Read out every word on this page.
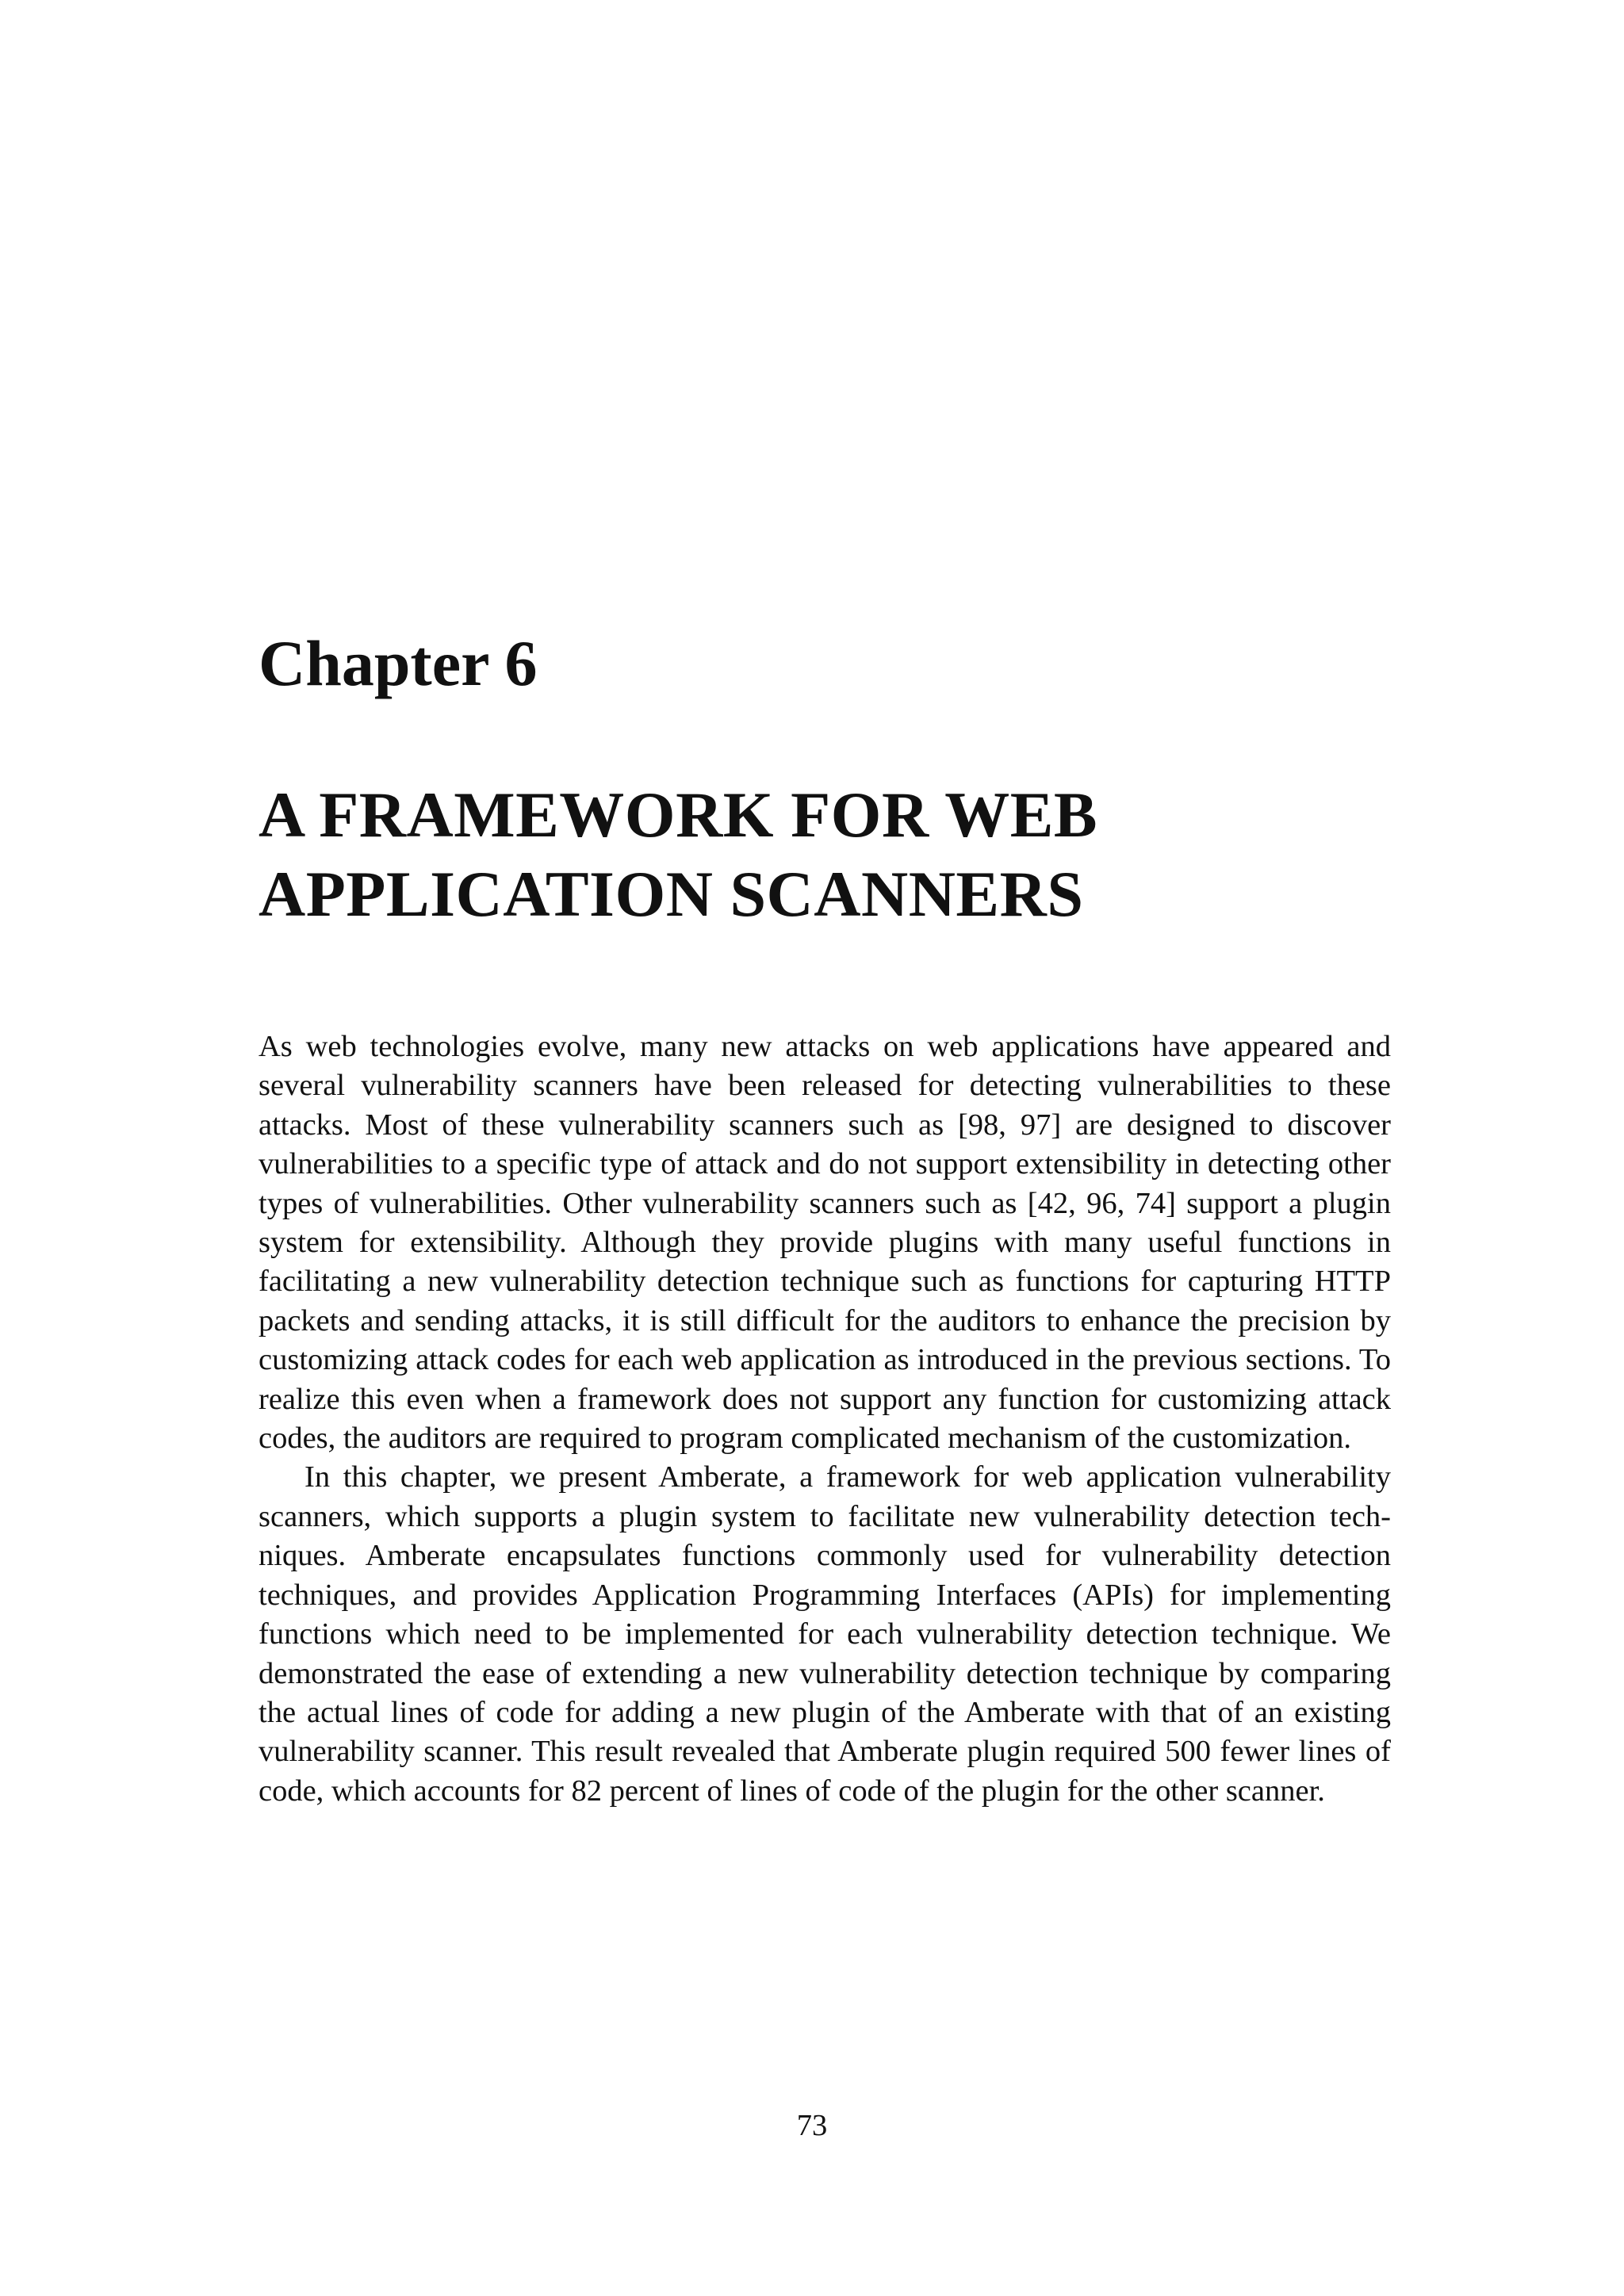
Chapter 6
A FRAMEWORK FOR WEB
APPLICATION SCANNERS

As web technologies evolve, many new attacks on web applications have appeared and several vulnerability scanners have been released for detecting vulnerabilities to these attacks. Most of these vulnerability scanners such as [98, 97] are designed to discover vulnerabilities to a specific type of attack and do not support extensibility in detecting other types of vulnerabilities. Other vulnerability scanners such as [42, 96, 74] support a plugin system for extensibility. Although they provide plugins with many useful functions in facilitating a new vulnerability detection technique such as functions for capturing HTTP packets and sending attacks, it is still difficult for the auditors to enhance the precision by customizing attack codes for each web application as introduced in the previous sections. To realize this even when a framework does not support any function for customizing attack codes, the auditors are required to program complicated mechanism of the customization.

In this chapter, we present Amberate, a framework for web application vulnerability scanners, which supports a plugin system to facilitate new vulnerability detection techniques. Amberate encapsulates functions commonly used for vulnerability detection techniques, and provides Application Programming Interfaces (APIs) for implementing functions which need to be implemented for each vulnerability detection technique. We demonstrated the ease of extending a new vulnerability detection technique by comparing the actual lines of code for adding a new plugin of the Amberate with that of an existing vulnerability scanner. This result revealed that Amberate plugin required 500 fewer lines of code, which accounts for 82 percent of lines of code of the plugin for the other scanner.

73
